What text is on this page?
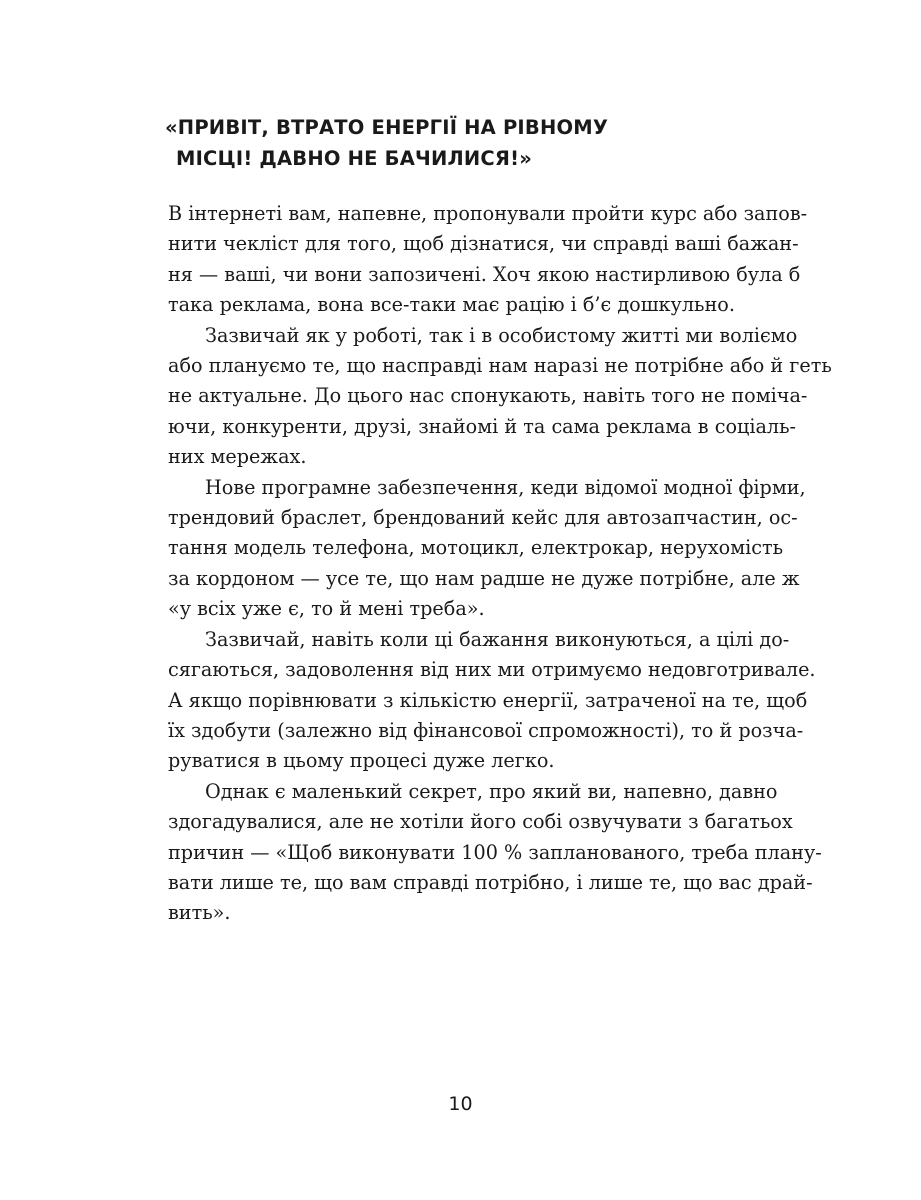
«ПРИВІТ, ВТРАТО ЕНЕРГІЇ НА РІВНОМУ
МІСЦІ! ДАВНО НЕ БАЧИЛИСЯ!»

В інтернеті вам, напевне, пропонували пройти курс або запов-
нити чекліст для того, щоб дізнатися, чи справді ваші бажан-
ня — ваші, чи вони запозичені. Хоч якою настирливою була б
така реклама, вона все-таки має рацію і б’є дошкульно.

Зазвичай як у роботі, так і в особистому житті ми воліємо
або плануємо те, що насправді нам наразі не потрібне або й геть
не актуальне. До цього нас спонукають, навіть того не поміча-
ючи, конкуренти, друзі, знайомі й та сама реклама в соціаль-
них мережах.

Нове програмне забезпечення, кеди відомої модної фірми,
трендовий браслет, брендований кейс для автозапчастин, ос-
тання модель телефона, мотоцикл, електрокар, нерухомість
за кордоном — усе те, що нам радше не дуже потрібне, але ж
«у всіх уже є, то й мені треба».

Зазвичай, навіть коли ці бажання виконуються, а цілі до-
сягаються, задоволення від них ми отримуємо недовготривале.
А якщо порівнювати з кількістю енергії, затраченої на те, щоб
їх здобути (залежно від фінансової спроможності), то й розча-
руватися в цьому процесі дуже легко.

Однак є маленький секрет, про який ви, напевно, давно
здогадувалися, але не хотіли його собі озвучувати з багатьох
причин — «Щоб виконувати 100 % запланованого, треба плану-
вати лише те, що вам справді потрібно, і лише те, що вас драй-
вить».

10
